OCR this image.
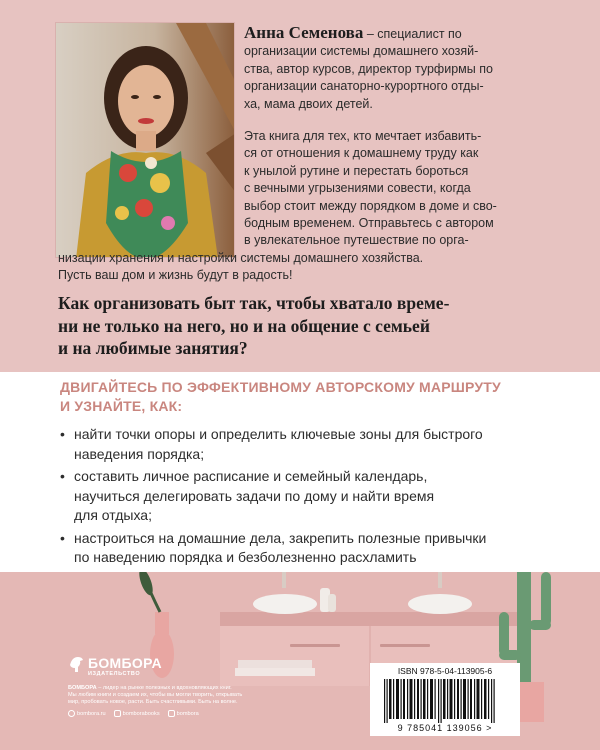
Анна Семенова – специалист по
организации системы домашнего хозяй-
ства, автор курсов, директор турфирмы по
организации санаторно-курортного отды-
ха, мама двоих детей.
Эта книга для тех, кто мечтает избавить-
ся от отношения к домашнему труду как
к унылой рутине и перестать бороться
с вечными угрызениями совести, когда
выбор стоит между порядком в доме и сво-
бодным временем. Отправьтесь с автором
в увлекательное путешествие по орга-
низации хранения и настройки системы домашнего хозяйства.
Пусть ваш дом и жизнь будут в радость!
Как организовать быт так, чтобы хватало време-
ни не только на него, но и на общение с семьей
и на любимые занятия?
ДВИГАЙТЕСЬ ПО ЭФФЕКТИВНОМУ АВТОРСКОМУ МАРШРУТУ
И УЗНАЙТЕ, КАК:
• найти точки опоры и определить ключевые зоны для быстрого
наведения порядка;
• составить личное расписание и семейный календарь,
научиться делегировать задачи по дому и найти время
для отдыха;
• настроиться на домашние дела, закрепить полезные привычки
по наведению порядка и безболезненно расхламить

БОМБОРА
ИЗДАТЕЛЬСТВО
БОМБОРА – лидер на рынке полезных и вдохновляющих книг.
Мы любим книги и создаем их, чтобы вы могли творить, открывать
мир, пробовать новое, расти. Быть счастливыми. Быть на волне.
bombora.ru	bomborabooks	bombora
ISBN 978-5-04-113905-6
9 785041 139056 >
